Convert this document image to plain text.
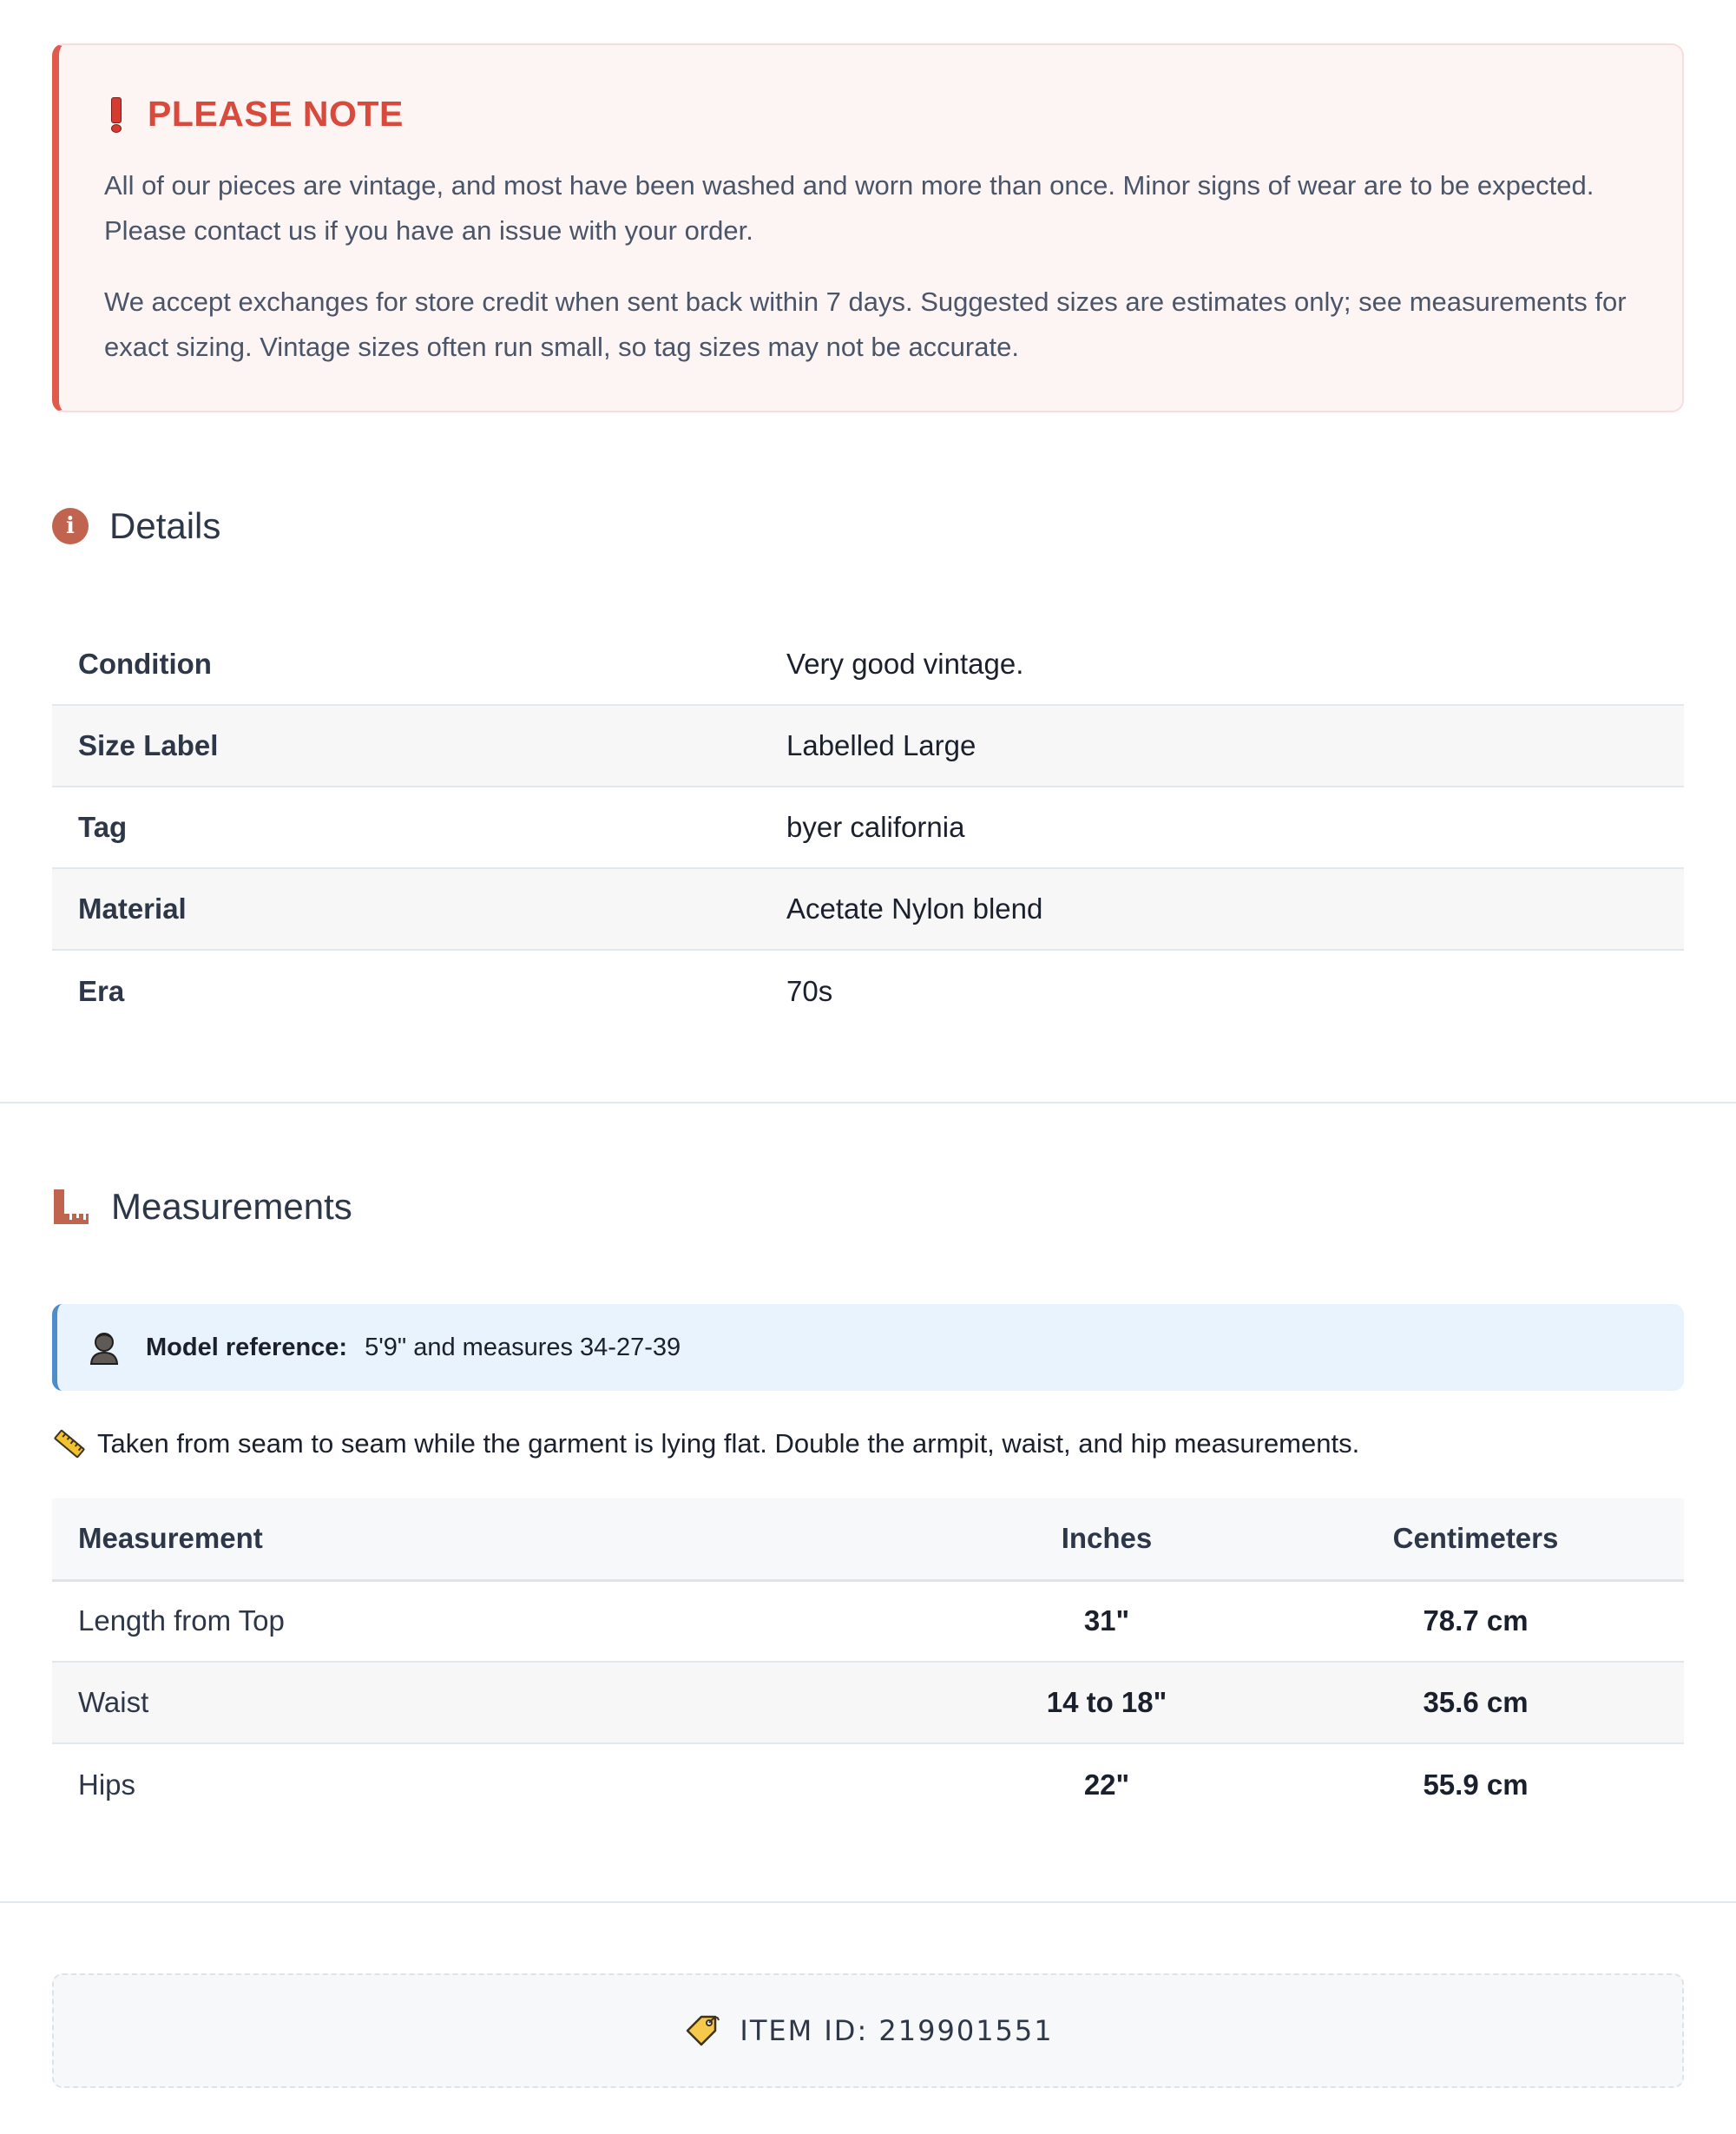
PLEASE NOTE

All of our pieces are vintage, and most have been washed and worn more than once. Minor signs of wear are to be expected. Please contact us if you have an issue with your order.

We accept exchanges for store credit when sent back within 7 days. Suggested sizes are estimates only; see measurements for exact sizing. Vintage sizes often run small, so tag sizes may not be accurate.

i Details
Condition	Very good vintage.
Size Label	Labelled Large
Tag	byer california
Material	Acetate Nylon blend
Era	70s
Measurements
Model reference: 5'9" and measures 34-27-39
Taken from seam to seam while the garment is lying flat. Double the armpit, waist, and hip measurements.
Measurement	Inches	Centimeters
Length from Top	31"	78.7 cm
Waist	14 to 18"	35.6 cm
Hips	22"	55.9 cm
ITEM ID: 219901551
